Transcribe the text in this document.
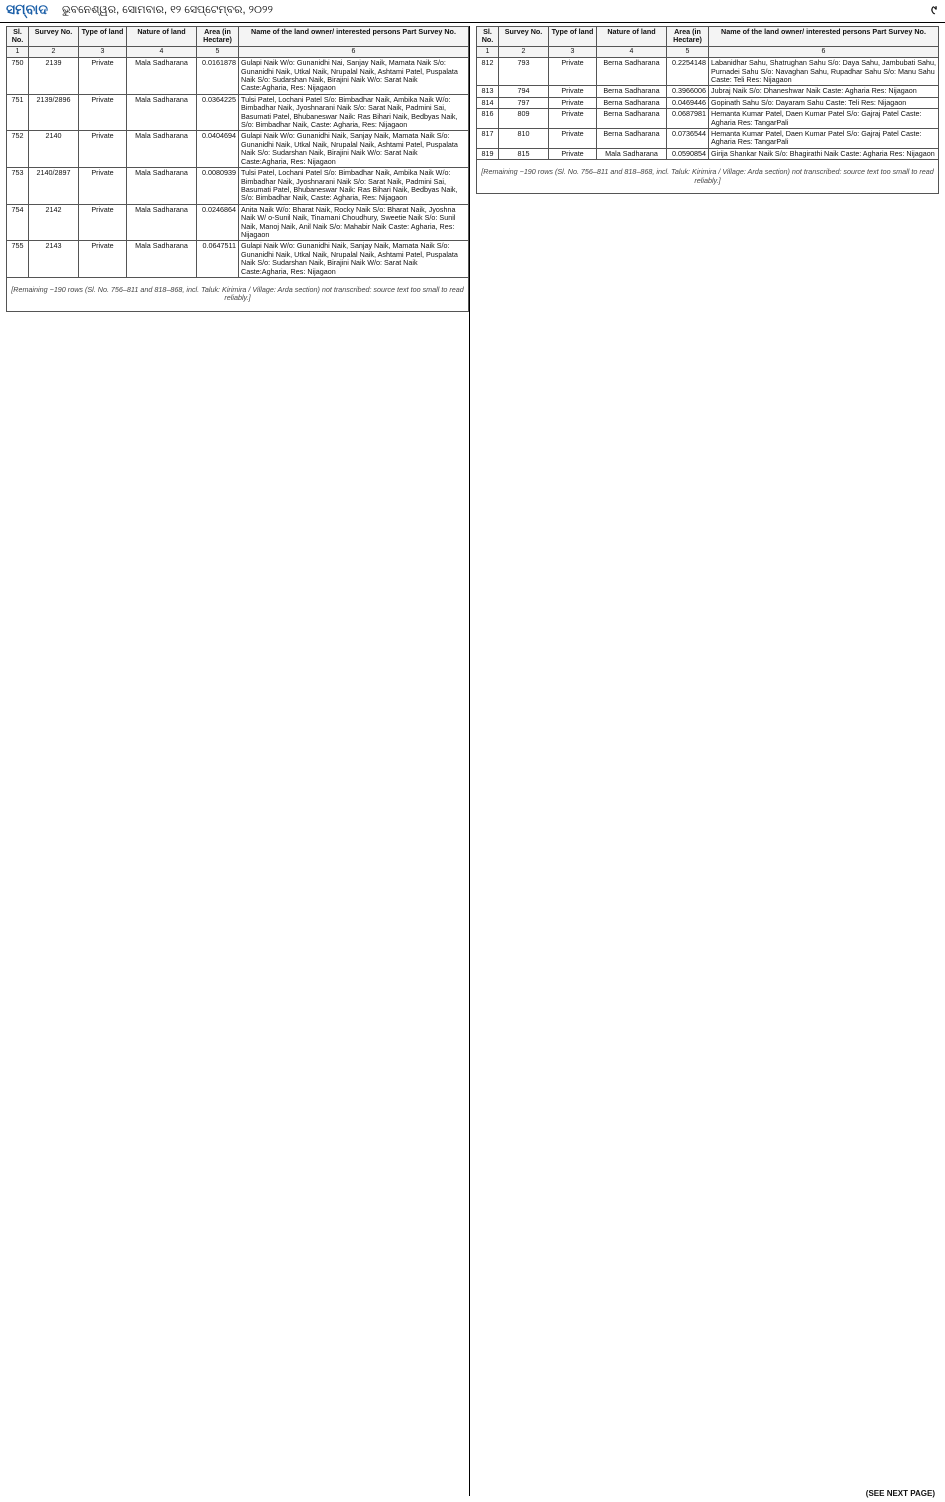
ସମ୍ବାଦ ଭୁବନେଶ୍ୱର, ସୋମବାର, ୧୨ ସେପ୍ଟେମ୍ବର, ୨୦୨୨	୯
Sl. No.	Survey No.	Type of land	Nature of land	Area (in Hectare)	Name of the land owner/ interested persons Part Survey No.
1	2	3	4	5	6
750	2139	Private	Mala Sadharana	0.0161878	Gulapi Naik W/o: Gunanidhi Nai, Sanjay Naik, Mamata Naik S/o: Gunanidhi Naik, Utkal Naik, Nrupalal Naik, Ashtami Patel, Puspalata Naik S/o: Sudarshan Naik, Birajini Naik W/o: Sarat Naik Caste:Agharia, Res: Nijagaon
751	2139/2896	Private	Mala Sadharana	0.0364225	Tulsi Patel, Lochani Patel S/o: Bimbadhar Naik, Ambika Naik W/o: Bimbadhar Naik, Jyoshnarani Naik S/o: Sarat Naik, Padmini Sai, Basumati Patel, Bhubaneswar Naik: Ras Bihari Naik, Bedbyas Naik, S/o: Bimbadhar Naik, Caste: Agharia, Res: Nijagaon
752	2140	Private	Mala Sadharana	0.0404694	Gulapi Naik W/o: Gunanidhi Naik, Sanjay Naik, Mamata Naik S/o: Gunanidhi Naik, Utkal Naik, Nrupalal Naik, Ashtami Patel, Puspalata Naik S/o: Sudarshan Naik, Birajini Naik W/o: Sarat Naik Caste:Agharia, Res: Nijagaon
753	2140/2897	Private	Mala Sadharana	0.0080939	Tulsi Patel, Lochani Patel S/o: Bimbadhar Naik, Ambika Naik W/o: Bimbadhar Naik, Jyoshnarani Naik S/o: Sarat Naik, Padmini Sai, Basumati Patel, Bhubaneswar Naik: Ras Bihari Naik, Bedbyas Naik, S/o: Bimbadhar Naik, Caste: Agharia, Res: Nijagaon
754	2142	Private	Mala Sadharana	0.0246864	Anita Naik W/o: Bharat Naik, Rocky Naik S/o: Bharat Naik, Jyoshna Naik W/ o-Sunil Naik, Tinamani Choudhury, Sweetie Naik S/o: Sunil Naik, Manoj Naik, Anil Naik S/o: Mahabir Naik Caste: Agharia, Res: Nijagaon
755	2143	Private	Mala Sadharana	0.0647511	Gulapi Naik W/o: Gunanidhi Naik, Sanjay Naik, Mamata Naik S/o: Gunanidhi Naik, Utkal Naik, Nrupalal Naik, Ashtami Patel, Puspalata Naik S/o: Sudarshan Naik, Birajini Naik W/o: Sarat Naik Caste:Agharia, Res: Nijagaon
[Remaining ~190 rows (Sl. No. 756–811 and 818–868, incl. Taluk: Kirimira / Village: Arda section) not transcribed: source text too small to read reliably.]					
Sl. No.	Survey No.	Type of land	Nature of land	Area (in Hectare)	Name of the land owner/ interested persons Part Survey No.
1	2	3	4	5	6
812	793	Private	Berna Sadharana	0.2254148	Labanidhar Sahu, Shatrughan Sahu S/o: Daya Sahu, Jambubati Sahu, Purnadei Sahu S/o: Navaghan Sahu, Rupadhar Sahu S/o: Manu Sahu Caste: Teli Res: Nijagaon
813	794	Private	Berna Sadharana	0.3966006	Jubraj Naik S/o: Dhaneshwar Naik Caste: Agharia Res: Nijagaon
814	797	Private	Berna Sadharana	0.0469446	Gopinath Sahu S/o: Dayaram Sahu Caste: Teli Res: Nijagaon
816	809	Private	Berna Sadharana	0.0687981	Hemanta Kumar Patel, Daen Kumar Patel S/o: Gajraj Patel Caste: Agharia Res: TangarPali
817	810	Private	Berna Sadharana	0.0736544	Hemanta Kumar Patel, Daen Kumar Patel S/o: Gajraj Patel Caste: Agharia Res: TangarPali
819	815	Private	Mala Sadharana	0.0590854	Girija Shankar Naik S/o: Bhagirathi Naik Caste: Agharia Res: Nijagaon
[Remaining ~190 rows (Sl. No. 756–811 and 818–868, incl. Taluk: Kirimira / Village: Arda section) not transcribed: source text too small to read reliably.]					
(SEE NEXT PAGE)
